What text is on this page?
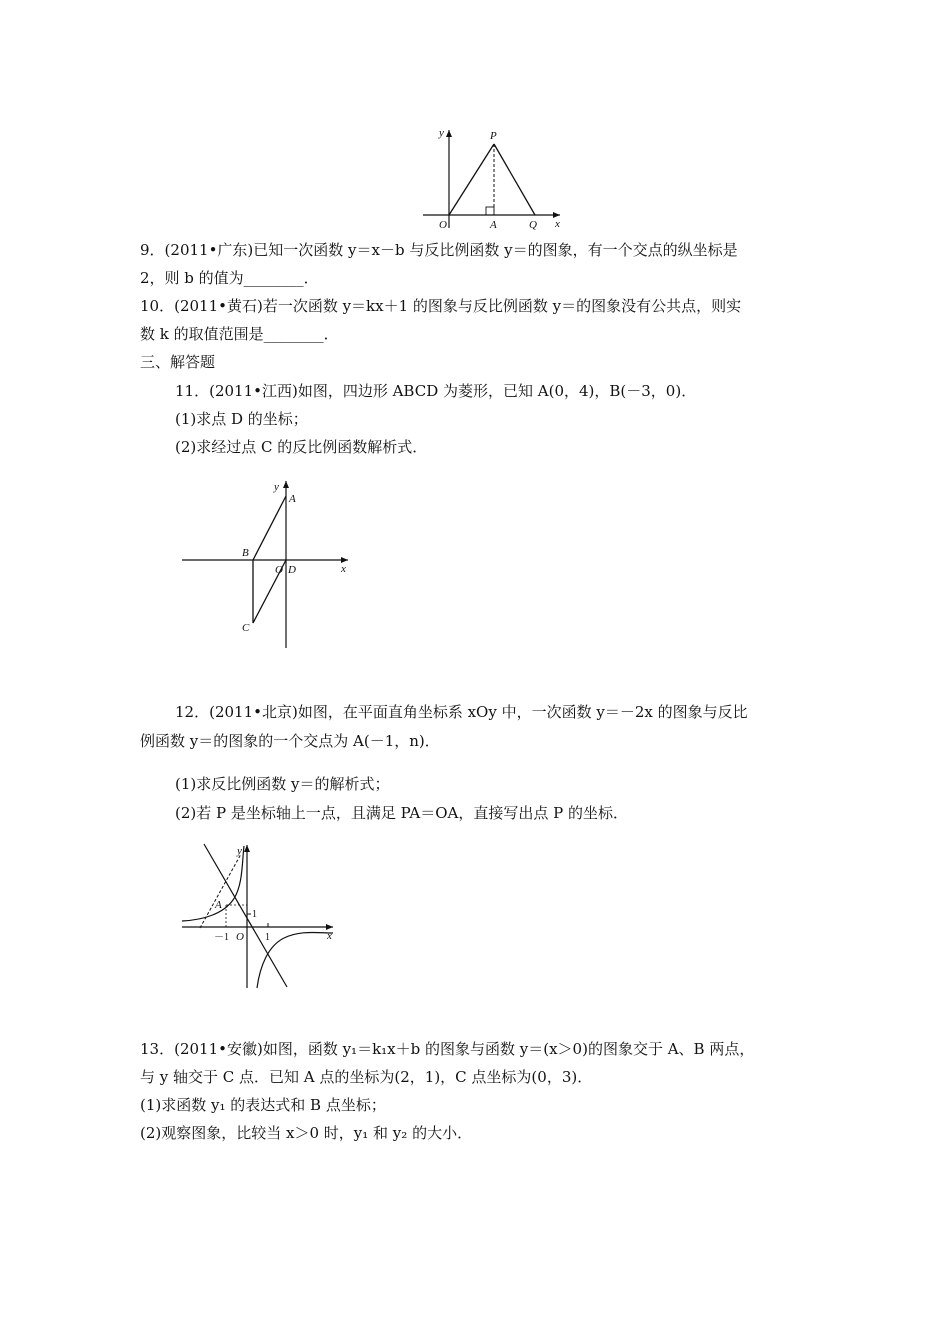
y	P
O	A	Q x
9．(2011•广东)已知一次函数 y＝x－b 与反比例函数 y＝的图象，有一个交点的纵坐标是
2，则 b 的值为________．
10．(2011•黄石)若一次函数 y＝kx＋1 的图象与反比例函数 y＝的图象没有公共点，则实
数 k 的取值范围是________．
三、解答题
11．(2011•江西)如图，四边形 ABCD 为菱形，已知 A(0，4)，B(－3，0)．
(1)求点 D 的坐标；
(2)求经过点 C 的反比例函数解析式．
y
A
B
O D	x
C
12．(2011•北京)如图，在平面直角坐标系 xOy 中，一次函数 y＝－2x 的图象与反比
例函数 y＝的图象的一个交点为 A(－1，n)．
(1)求反比例函数 y＝的解析式；
(2)若 P 是坐标轴上一点，且满足 PA＝OA，直接写出点 P 的坐标．
y
A
1
－1 O 1	x
13．(2011•安徽)如图，函数 y₁＝k₁x＋b 的图象与函数 y＝(x＞0)的图象交于 A、B 两点，
与 y 轴交于 C 点．已知 A 点的坐标为(2，1)，C 点坐标为(0，3)．
(1)求函数 y₁ 的表达式和 B 点坐标；
(2)观察图象，比较当 x＞0 时，y₁ 和 y₂ 的大小．
